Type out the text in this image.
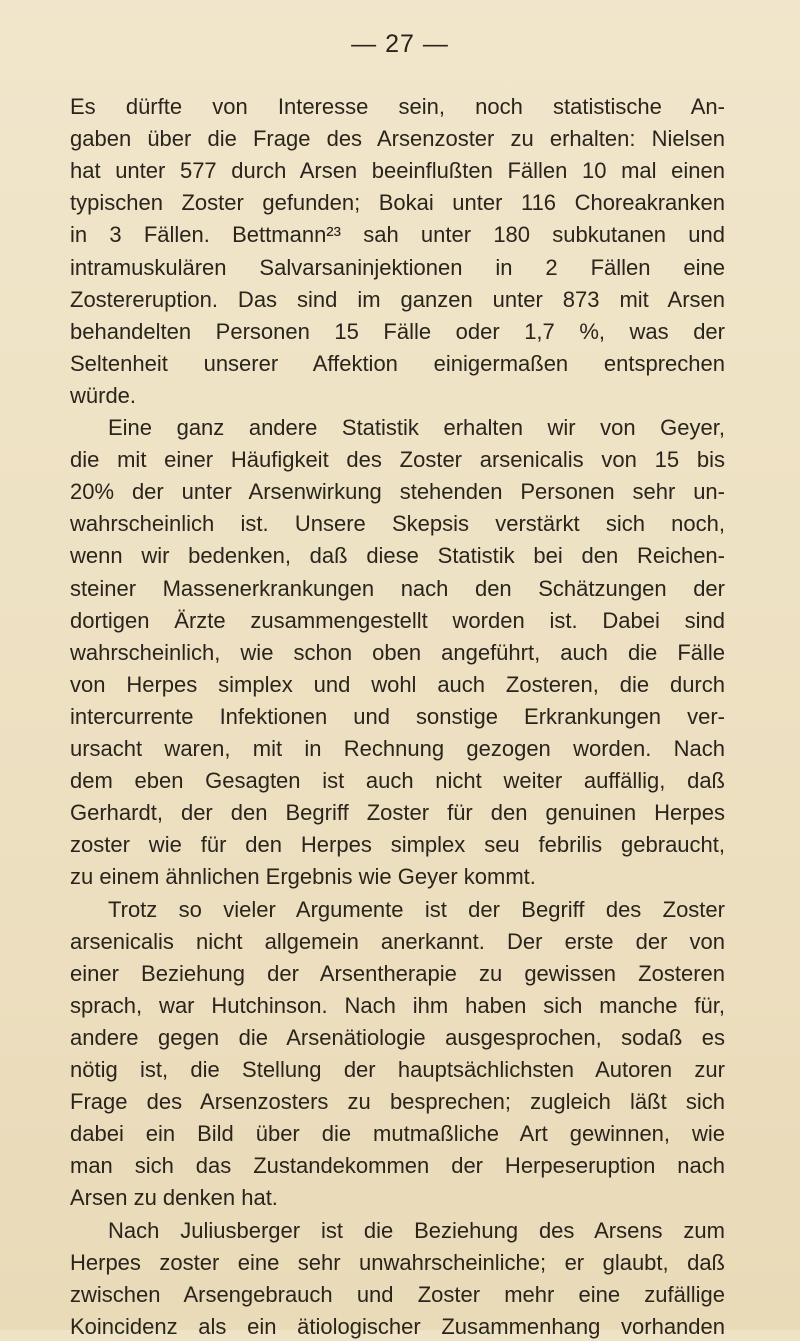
— 27 —
Es dürfte von Interesse sein, noch statistische An-
gaben über die Frage des Arsenzoster zu erhalten: Nielsen
hat unter 577 durch Arsen beeinflußten Fällen 10 mal einen
typischen Zoster gefunden; Bokai unter 116 Choreakranken
in 3 Fällen. Bettmann²³ sah unter 180 subkutanen und
intramuskulären Salvarsaninjektionen in 2 Fällen eine
Zostereruption. Das sind im ganzen unter 873 mit Arsen
behandelten Personen 15 Fälle oder 1,7 %, was der
Seltenheit unserer Affektion einigermaßen entsprechen
würde.
Eine ganz andere Statistik erhalten wir von Geyer,
die mit einer Häufigkeit des Zoster arsenicalis von 15 bis
20% der unter Arsenwirkung stehenden Personen sehr un-
wahrscheinlich ist. Unsere Skepsis verstärkt sich noch,
wenn wir bedenken, daß diese Statistik bei den Reichen-
steiner Massenerkrankungen nach den Schätzungen der
dortigen Ärzte zusammengestellt worden ist. Dabei sind
wahrscheinlich, wie schon oben angeführt, auch die Fälle
von Herpes simplex und wohl auch Zosteren, die durch
intercurrente Infektionen und sonstige Erkrankungen ver-
ursacht waren, mit in Rechnung gezogen worden. Nach
dem eben Gesagten ist auch nicht weiter auffällig, daß
Gerhardt, der den Begriff Zoster für den genuinen Herpes
zoster wie für den Herpes simplex seu febrilis gebraucht,
zu einem ähnlichen Ergebnis wie Geyer kommt.
Trotz so vieler Argumente ist der Begriff des Zoster
arsenicalis nicht allgemein anerkannt. Der erste der von
einer Beziehung der Arsentherapie zu gewissen Zosteren
sprach, war Hutchinson. Nach ihm haben sich manche für,
andere gegen die Arsenätiologie ausgesprochen, sodaß es
nötig ist, die Stellung der hauptsächlichsten Autoren zur
Frage des Arsenzosters zu besprechen; zugleich läßt sich
dabei ein Bild über die mutmaßliche Art gewinnen, wie
man sich das Zustandekommen der Herpeseruption nach
Arsen zu denken hat.
Nach Juliusberger ist die Beziehung des Arsens zum
Herpes zoster eine sehr unwahrscheinliche; er glaubt, daß
zwischen Arsengebrauch und Zoster mehr eine zufällige
Koincidenz als ein ätiologischer Zusammenhang vorhanden
